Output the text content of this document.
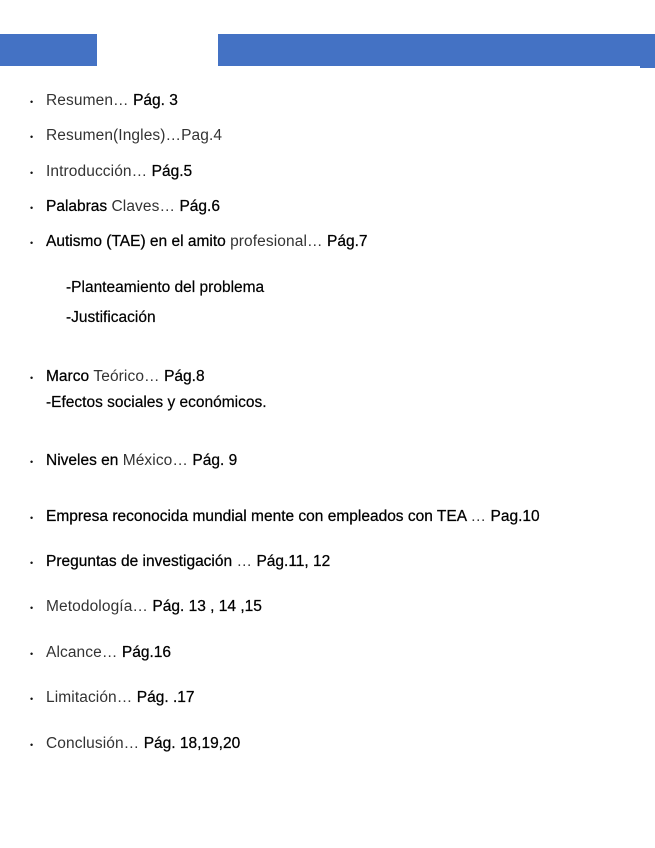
• Resumen… Pág. 3
• Resumen(Ingles)…Pag.4
• Introducción… Pág.5
• Palabras Claves… Pág.6
• Autismo (TAE) en el amito profesional… Pág.7
-Planteamiento del problema
-Justificación
• Marco Teórico… Pág.8
-Efectos sociales y económicos.
• Niveles en México… Pág. 9
• Empresa reconocida mundial mente con empleados con TEA … Pag.10
• Preguntas de investigación … Pág.11, 12
• Metodología… Pág. 13 , 14 ,15
• Alcance… Pág.16
• Limitación… Pág. .17
• Conclusión… Pág. 18,19,20
